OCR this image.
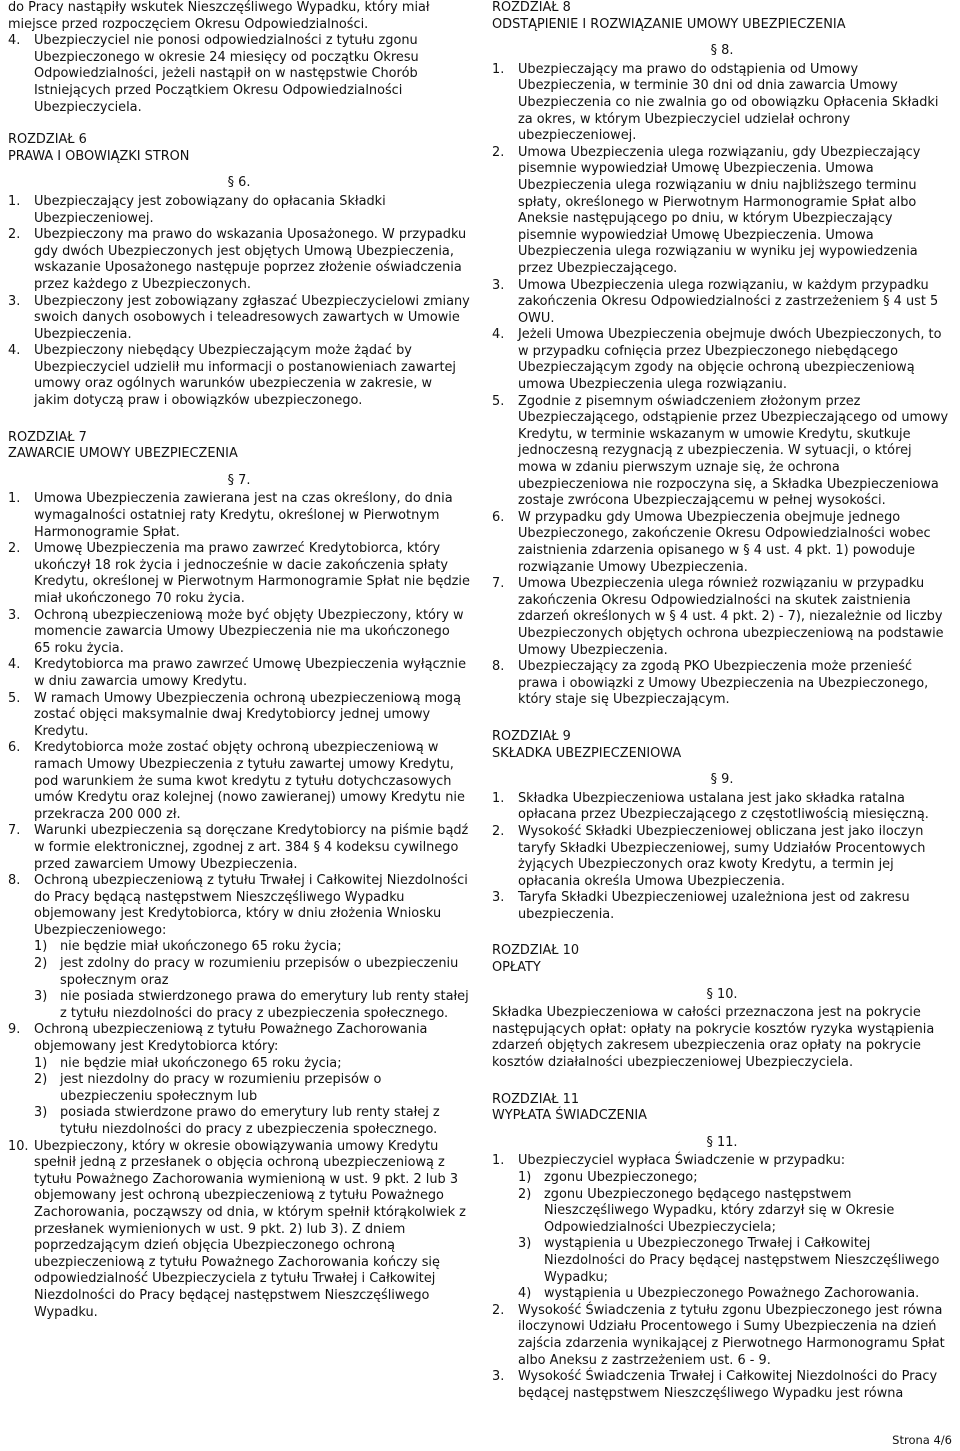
do Pracy nastąpiły wskutek Nieszczęśliwego Wypadku, który miał miejsce przed rozpoczęciem Okresu Odpowiedzialności.

4. Ubezpieczyciel nie ponosi odpowiedzialności z tytułu zgonu Ubezpieczonego w okresie 24 miesięcy od początku Okresu Odpowiedzialności, jeżeli nastąpił on w następstwie Chorób Istniejących przed Początkiem Okresu Odpowiedzialności Ubezpieczyciela.
ROZDZIAŁ 6
PRAWA I OBOWIĄZKI STRON
§ 6.
1. Ubezpieczający jest zobowiązany do opłacania Składki Ubezpieczeniowej.
2. Ubezpieczony ma prawo do wskazania Uposażonego. W przypadku gdy dwóch Ubezpieczonych jest objętych Umową Ubezpieczenia, wskazanie Uposażonego następuje poprzez złożenie oświadczenia przez każdego z Ubezpieczonych.
3. Ubezpieczony jest zobowiązany zgłaszać Ubezpieczycielowi zmiany swoich danych osobowych i teleadresowych zawartych w Umowie Ubezpieczenia.
4. Ubezpieczony niebędący Ubezpieczającym może żądać by Ubezpieczyciel udzielił mu informacji o postanowieniach zawartej umowy oraz ogólnych warunków ubezpieczenia w zakresie, w jakim dotyczą praw i obowiązków ubezpieczonego.
ROZDZIAŁ 7
ZAWARCIE UMOWY UBEZPIECZENIA
§ 7.
1. Umowa Ubezpieczenia zawierana jest na czas określony, do dnia wymagalności ostatniej raty Kredytu, określonej w Pierwotnym Harmonogramie Spłat.
2. Umowę Ubezpieczenia ma prawo zawrzeć Kredytobiorca, który ukończył 18 rok życia i jednocześnie w dacie zakończenia spłaty Kredytu, określonej w Pierwotnym Harmonogramie Spłat nie będzie miał ukończonego 70 roku życia.
3. Ochroną ubezpieczeniową może być objęty Ubezpieczony, który w momencie zawarcia Umowy Ubezpieczenia nie ma ukończonego 65 roku życia.
4. Kredytobiorca ma prawo zawrzeć Umowę Ubezpieczenia wyłącznie w dniu zawarcia umowy Kredytu.
5. W ramach Umowy Ubezpieczenia ochroną ubezpieczeniową mogą zostać objęci maksymalnie dwaj Kredytobiorcy jednej umowy Kredytu.
6. Kredytobiorca może zostać objęty ochroną ubezpieczeniową w ramach Umowy Ubezpieczenia z tytułu zawartej umowy Kredytu, pod warunkiem że suma kwot kredytu z tytułu dotychczasowych umów Kredytu oraz kolejnej (nowo zawieranej) umowy Kredytu nie przekracza 200 000 zł.
7. Warunki ubezpieczenia są doręczane Kredytobiorcy na piśmie bądź w formie elektronicznej, zgodnej z art. 384 § 4 kodeksu cywilnego przed zawarciem Umowy Ubezpieczenia.
8. Ochroną ubezpieczeniową z tytułu Trwałej i Całkowitej Niezdolności do Pracy będącą następstwem Nieszczęśliwego Wypadku objemowany jest Kredytobiorca, który w dniu złożenia Wniosku Ubezpieczeniowego:
1) nie będzie miał ukończonego 65 roku życia;
2) jest zdolny do pracy w rozumieniu przepisów o ubezpieczeniu społecznym oraz
3) nie posiada stwierdzonego prawa do emerytury lub renty stałej z tytułu niezdolności do pracy z ubezpieczenia społecznego.
9. Ochroną ubezpieczeniową z tytułu Poważnego Zachorowania objemowany jest Kredytobiorca który:
1) nie będzie miał ukończonego 65 roku życia;
2) jest niezdolny do pracy w rozumieniu przepisów o ubezpieczeniu społecznym lub
3) posiada stwierdzone prawo do emerytury lub renty stałej z tytułu niezdolności do pracy z ubezpieczenia społecznego.
10. Ubezpieczony, który w okresie obowiązywania umowy Kredytu spełnił jedną z przesłanek o objęcia ochroną ubezpieczeniową z tytułu Poważnego Zachorowania wymienioną w ust. 9 pkt. 2 lub 3 objemowany jest ochroną ubezpieczeniową z tytułu Poważnego Zachorowania, począwszy od dnia, w którym spełnił którąkolwiek z przesłanek wymienionych w ust. 9 pkt. 2) lub 3). Z dniem poprzedzającym dzień objęcia Ubezpieczonego ochroną ubezpieczeniową z tytułu Poważnego Zachorowania kończy się odpowiedzialność Ubezpieczyciela z tytułu Trwałej i Całkowitej Niezdolności do Pracy będącej następstwem Nieszczęśliwego Wypadku.
ROZDZIAŁ 8
ODSTĄPIENIE I ROZWIĄZANIE UMOWY UBEZPIECZENIA
§ 8.
1. Ubezpieczający ma prawo do odstąpienia od Umowy Ubezpieczenia, w terminie 30 dni od dnia zawarcia Umowy Ubezpieczenia co nie zwalnia go od obowiązku Opłacenia Składki za okres, w którym Ubezpieczyciel udzielał ochrony ubezpieczeniowej.
2. Umowa Ubezpieczenia ulega rozwiązaniu, gdy Ubezpieczający pisemnie wypowiedział Umowę Ubezpieczenia. Umowa Ubezpieczenia ulega rozwiązaniu w dniu najbliższego terminu spłaty, określonego w Pierwotnym Harmonogramie Spłat albo Aneksie następującego po dniu, w którym Ubezpieczający pisemnie wypowiedział Umowę Ubezpieczenia. Umowa Ubezpieczenia ulega rozwiązaniu w wyniku jej wypowiedzenia przez Ubezpieczającego.
3. Umowa Ubezpieczenia ulega rozwiązaniu, w każdym przypadku zakończenia Okresu Odpowiedzialności z zastrzeżeniem § 4 ust 5 OWU.
4. Jeżeli Umowa Ubezpieczenia obejmuje dwóch Ubezpieczonych, to w przypadku cofnięcia przez Ubezpieczonego niebędącego Ubezpieczającym zgody na objęcie ochroną ubezpieczeniową umowa Ubezpieczenia ulega rozwiązaniu.
5. Zgodnie z pisemnym oświadczeniem złożonym przez Ubezpieczającego, odstąpienie przez Ubezpieczającego od umowy Kredytu, w terminie wskazanym w umowie Kredytu, skutkuje jednoczesną rezygnacją z ubezpieczenia. W sytuacji, o której mowa w zdaniu pierwszym uznaje się, że ochrona ubezpieczeniowa nie rozpoczyna się, a Składka Ubezpieczeniowa zostaje zwrócona Ubezpieczającemu w pełnej wysokości.
6. W przypadku gdy Umowa Ubezpieczenia obejmuje jednego Ubezpieczonego, zakończenie Okresu Odpowiedzialności wobec zaistnienia zdarzenia opisanego w § 4 ust. 4 pkt. 1) powoduje rozwiązanie Umowy Ubezpieczenia.
7. Umowa Ubezpieczenia ulega również rozwiązaniu w przypadku zakończenia Okresu Odpowiedzialności na skutek zaistnienia zdarzeń określonych w § 4 ust. 4 pkt. 2) - 7), niezależnie od liczby Ubezpieczonych objętych ochrona ubezpieczeniową na podstawie Umowy Ubezpieczenia.
8. Ubezpieczający za zgodą PKO Ubezpieczenia może przenieść prawa i obowiązki z Umowy Ubezpieczenia na Ubezpieczonego, który staje się Ubezpieczającym.
ROZDZIAŁ 9
SKŁADKA UBEZPIECZENIOWA
§ 9.
1. Składka Ubezpieczeniowa ustalana jest jako składka ratalna opłacana przez Ubezpieczającego z częstotliwością miesięczną.
2. Wysokość Składki Ubezpieczeniowej obliczana jest jako iloczyn taryfy Składki Ubezpieczeniowej, sumy Udziałów Procentowych żyjących Ubezpieczonych oraz kwoty Kredytu, a termin jej opłacania określa Umowa Ubezpieczenia.
3. Taryfa Składki Ubezpieczeniowej uzależniona jest od zakresu ubezpieczenia.
ROZDZIAŁ 10
OPŁATY
§ 10.

Składka Ubezpieczeniowa w całości przeznaczona jest na pokrycie następujących opłat: opłaty na pokrycie kosztów ryzyka wystąpienia zdarzeń objętych zakresem ubezpieczenia oraz opłaty na pokrycie kosztów działalności ubezpieczeniowej Ubezpieczyciela.

ROZDZIAŁ 11
WYPŁATA ŚWIADCZENIA
§ 11.
1. Ubezpieczyciel wypłaca Świadczenie w przypadku:
1) zgonu Ubezpieczonego;
2) zgonu Ubezpieczonego będącego następstwem Nieszczęśliwego Wypadku, który zdarzył się w Okresie Odpowiedzialności Ubezpieczyciela;
3) wystąpienia u Ubezpieczonego Trwałej i Całkowitej Niezdolności do Pracy będącej następstwem Nieszczęśliwego Wypadku;
4) wystąpienia u Ubezpieczonego Poważnego Zachorowania.
2. Wysokość Świadczenia z tytułu zgonu Ubezpieczonego jest równa iloczynowi Udziału Procentowego i Sumy Ubezpieczenia na dzień zajścia zdarzenia wynikającej z Pierwotnego Harmonogramu Spłat albo Aneksu z zastrzeżeniem ust. 6 - 9.
3. Wysokość Świadczenia Trwałej i Całkowitej Niezdolności do Pracy będącej następstwem Nieszczęśliwego Wypadku jest równa
Strona 4/6
